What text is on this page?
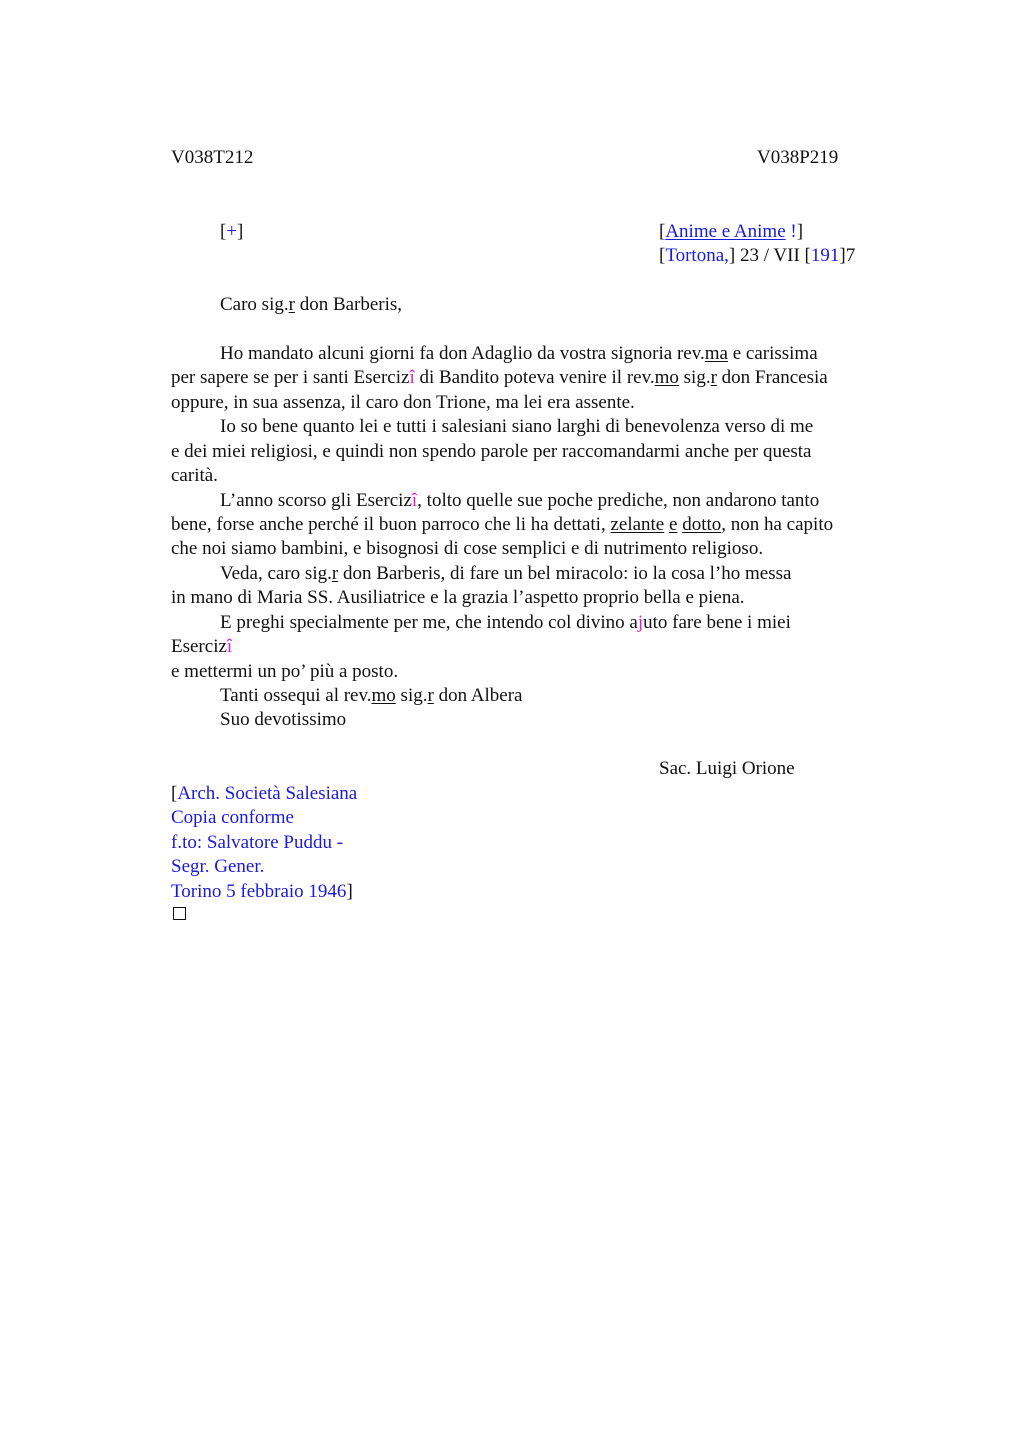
V038T212	V038P219
[+]	[Anime e Anime !]
[Tortona,] 23 / VII [191]7
Caro sig.r don Barberis,
Ho mandato alcuni giorni fa don Adaglio da vostra signoria rev.ma e carissima
per sapere se per i santi Esercizî di Bandito poteva venire il rev.mo sig.r don Francesia
oppure, in sua assenza, il caro don Trione, ma lei era assente.
Io so bene quanto lei e tutti i salesiani siano larghi di benevolenza verso di me
e dei miei religiosi, e quindi non spendo parole per raccomandarmi anche per questa
carità.
L’anno scorso gli Esercizî, tolto quelle sue poche prediche, non andarono tanto
bene, forse anche perché il buon parroco che li ha dettati, zelante e dotto, non ha capito
che noi siamo bambini, e bisognosi di cose semplici e di nutrimento religioso.
Veda, caro sig.r don Barberis, di fare un bel miracolo: io la cosa l’ho messa
in mano di Maria SS. Ausiliatrice e la grazia l’aspetto proprio bella e piena.
E preghi specialmente per me, che intendo col divino ajuto fare bene i miei
Esercizî
e mettermi un po’ più a posto.
Tanti ossequi al rev.mo sig.r don Albera
Suo devotissimo
Sac. Luigi Orione
[Arch. Società Salesiana
Copia conforme
f.to: Salvatore Puddu -
Segr. Gener.
Torino 5 febbraio 1946]
